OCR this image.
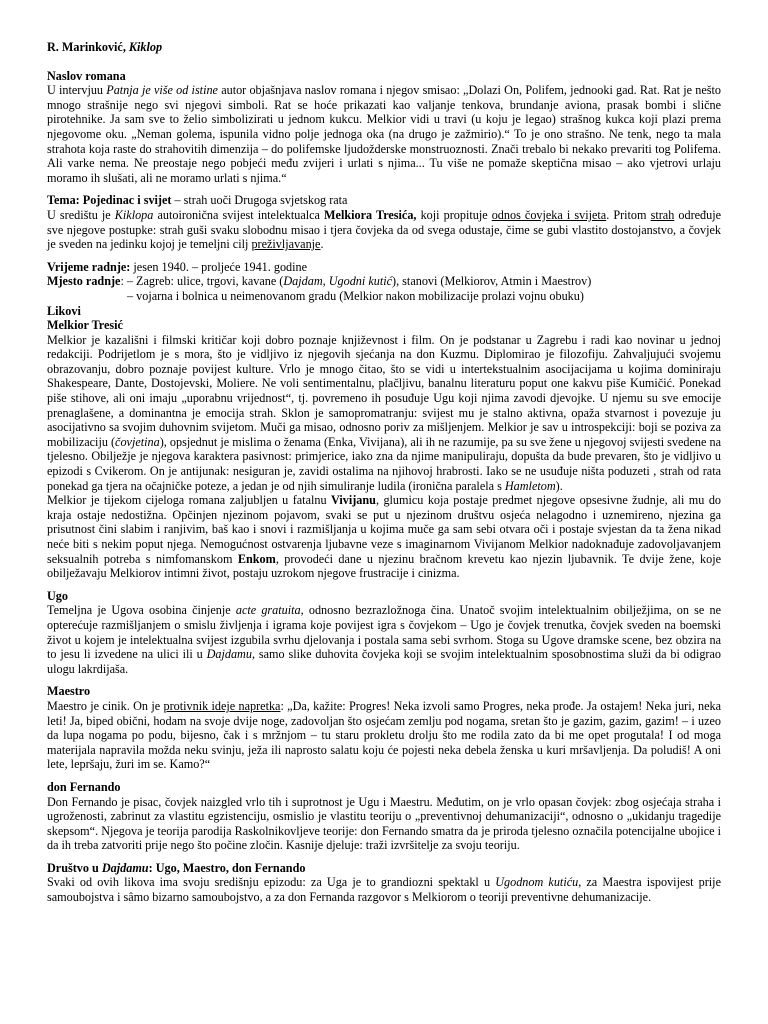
R. Marinković, Kiklop

Naslov romana

U intervjuu Patnja je više od istine autor objašnjava naslov romana i njegov smisao: „Dolazi On, Polifem, jednooki gad. Rat. Rat je nešto mnogo strašnije nego svi njegovi simboli. Rat se hoće prikazati kao valjanje tenkova, brundanje aviona, prasak bombi i slične pirotehnike. Ja sam sve to želio simbolizirati u jednom kukcu. Melkior vidi u travi (u koju je legao) strašnog kukca koji plazi prema njegovome oku. „Neman golema, ispunila vidno polje jednoga oka (na drugo je zažmirio).“ To je ono strašno. Ne tenk, nego ta mala strahota koja raste do strahovitih dimenzija – do polifemske ljudožderske monstruoznosti. Znači trebalo bi nekako prevariti tog Polifema. Ali varke nema. Ne preostaje nego pobjeći među zvijeri i urlati s njima... Tu više ne pomaže skeptična misao – ako vjetrovi urlaju moramo ih slušati, ali ne moramo urlati s njima.“

Tema: Pojedinac i svijet – strah uoči Drugoga svjetskog rata

U središtu je Kiklopa autoironična svijest intelektualca Melkiora Tresića, koji propituje odnos čovjeka i svijeta. Pritom strah određuje sve njegove postupke: strah guši svaku slobodnu misao i tjera čovjeka da od svega odustaje, čime se gubi vlastito dostojanstvo, a čovjek je sveden na jedinku kojoj je temeljni cilj preživljavanje.

Vrijeme radnje: jesen 1940. – proljeće 1941. godine

Mjesto radnje: – Zagreb: ulice, trgovi, kavane (Dajdam, Ugodni kutić), stanovi (Melkiorov, Atmin i Maestrov)

– vojarna i bolnica u neimenovanom gradu (Melkior nakon mobilizacije prolazi vojnu obuku)

Likovi

Melkior Tresić

Melkior je kazališni i filmski kritičar koji dobro poznaje književnost i film. On je podstanar u Zagrebu i radi kao novinar u jednoj redakciji. Podrijetlom je s mora, što je vidljivo iz njegovih sjećanja na don Kuzmu. Diplomirao je filozofiju. Zahvaljujući svojemu obrazovanju, dobro poznaje povijest kulture. Vrlo je mnogo čitao, što se vidi u intertekstualnim asocijacijama u kojima dominiraju Shakespeare, Dante, Dostojevski, Moliere. Ne voli sentimentalnu, plačljivu, banalnu literaturu poput one kakvu piše Kumičić. Ponekad piše stihove, ali oni imaju „uporabnu vrijednost“, tj. povremeno ih posuđuje Ugu koji njima zavodi djevojke. U njemu su sve emocije prenaglašene, a dominantna je emocija strah. Sklon je samopromatranju: svijest mu je stalno aktivna, opaža stvarnost i povezuje ju asocijativno sa svojim duhovnim svijetom. Muči ga misao, odnosno poriv za mišljenjem. Melkior je sav u introspekciji: boji se poziva za mobilizaciju (čovjetina), opsjednut je mislima o ženama (Enka, Vivijana), ali ih ne razumije, pa su sve žene u njegovoj svijesti svedene na tjelesno. Obilježje je njegova karaktera pasivnost: primjerice, iako zna da njime manipuliraju, dopušta da bude prevaren, što je vidljivo u epizodi s Cvikerom. On je antijunak: nesiguran je, zavidi ostalima na njihovoj hrabrosti. Iako se ne usuđuje ništa poduzeti , strah od rata ponekad ga tjera na očajničke poteze, a jedan je od njih simuliranje ludila (ironična paralela s Hamletom).

Melkior je tijekom cijeloga romana zaljubljen u fatalnu Vivijanu, glumicu koja postaje predmet njegove opsesivne žudnje, ali mu do kraja ostaje nedostižna. Opčinjen njezinom pojavom, svaki se put u njezinom društvu osjeća nelagodno i uznemireno, njezina ga prisutnost čini slabim i ranjivim, baš kao i snovi i razmišljanja u kojima muče ga sam sebi otvara oči i postaje svjestan da ta žena nikad neće biti s nekim poput njega. Nemogućnost ostvarenja ljubavne veze s imaginarnom Vivijanom Melkior nadoknađuje zadovoljavanjem seksualnih potreba s nimfomanskom Enkom, provodeći dane u njezinu bračnom krevetu kao njezin ljubavnik. Te dvije žene, koje obilježavaju Melkiorov intimni život, postaju uzrokom njegove frustracije i cinizma.

Ugo

Temeljna je Ugova osobina činjenje acte gratuita, odnosno bezrazložnoga čina. Unatoč svojim intelektualnim obilježjima, on se ne opterećuje razmišljanjem o smislu življenja i igrama koje povijest igra s čovjekom – Ugo je čovjek trenutka, čovjek sveden na boemski život u kojem je intelektualna svijest izgubila svrhu djelovanja i postala sama sebi svrhom. Stoga su Ugove dramske scene, bez obzira na to jesu li izvedene na ulici ili u Dajdamu, samo slike duhovita čovjeka koji se svojim intelektualnim sposobnostima služi da bi odigrao ulogu lakrdijaša.

Maestro

Maestro je cinik. On je protivnik ideje napretka: „Da, kažite: Progres! Neka izvoli samo Progres, neka prođe. Ja ostajem! Neka juri, neka leti! Ja, biped obični, hodam na svoje dvije noge, zadovoljan što osjećam zemlju pod nogama, sretan što je gazim, gazim, gazim! – i uzeo da lupa nogama po podu, bijesno, čak i s mržnjom – tu staru prokletu drolju što me rodila zato da bi me opet progutala! I od moga materijala napravila možda neku svinju, ježa ili naprosto salatu koju će pojesti neka debela ženska u kuri mršavljenja. Da poludiš! A oni lete, lepršaju, žuri im se. Kamo?“

don Fernando

Don Fernando je pisac, čovjek naizgled vrlo tih i suprotnost je Ugu i Maestru. Međutim, on je vrlo opasan čovjek: zbog osjećaja straha i ugroženosti, zabrinut za vlastitu egzistenciju, osmislio je vlastitu teoriju o „preventivnoj dehumanizaciji“, odnosno o „ukidanju tragedije skepsom“. Njegova je teorija parodija Raskolnikovljeve teorije: don Fernando smatra da je priroda tjelesno označila potencijalne ubojice i da ih treba zatvoriti prije nego što počine zločin. Kasnije djeluje: traži izvršitelje za svoju teoriju.

Društvo u Dajdamu: Ugo, Maestro, don Fernando

Svaki od ovih likova ima svoju središnju epizodu: za Uga je to grandiozni spektakl u Ugodnom kutiću, za Maestra ispovijest prije samoubojstva i sâmo bizarno samoubojstvo, a za don Fernanda razgovor s Melkiorom o teoriji preventivne dehumanizacije.
